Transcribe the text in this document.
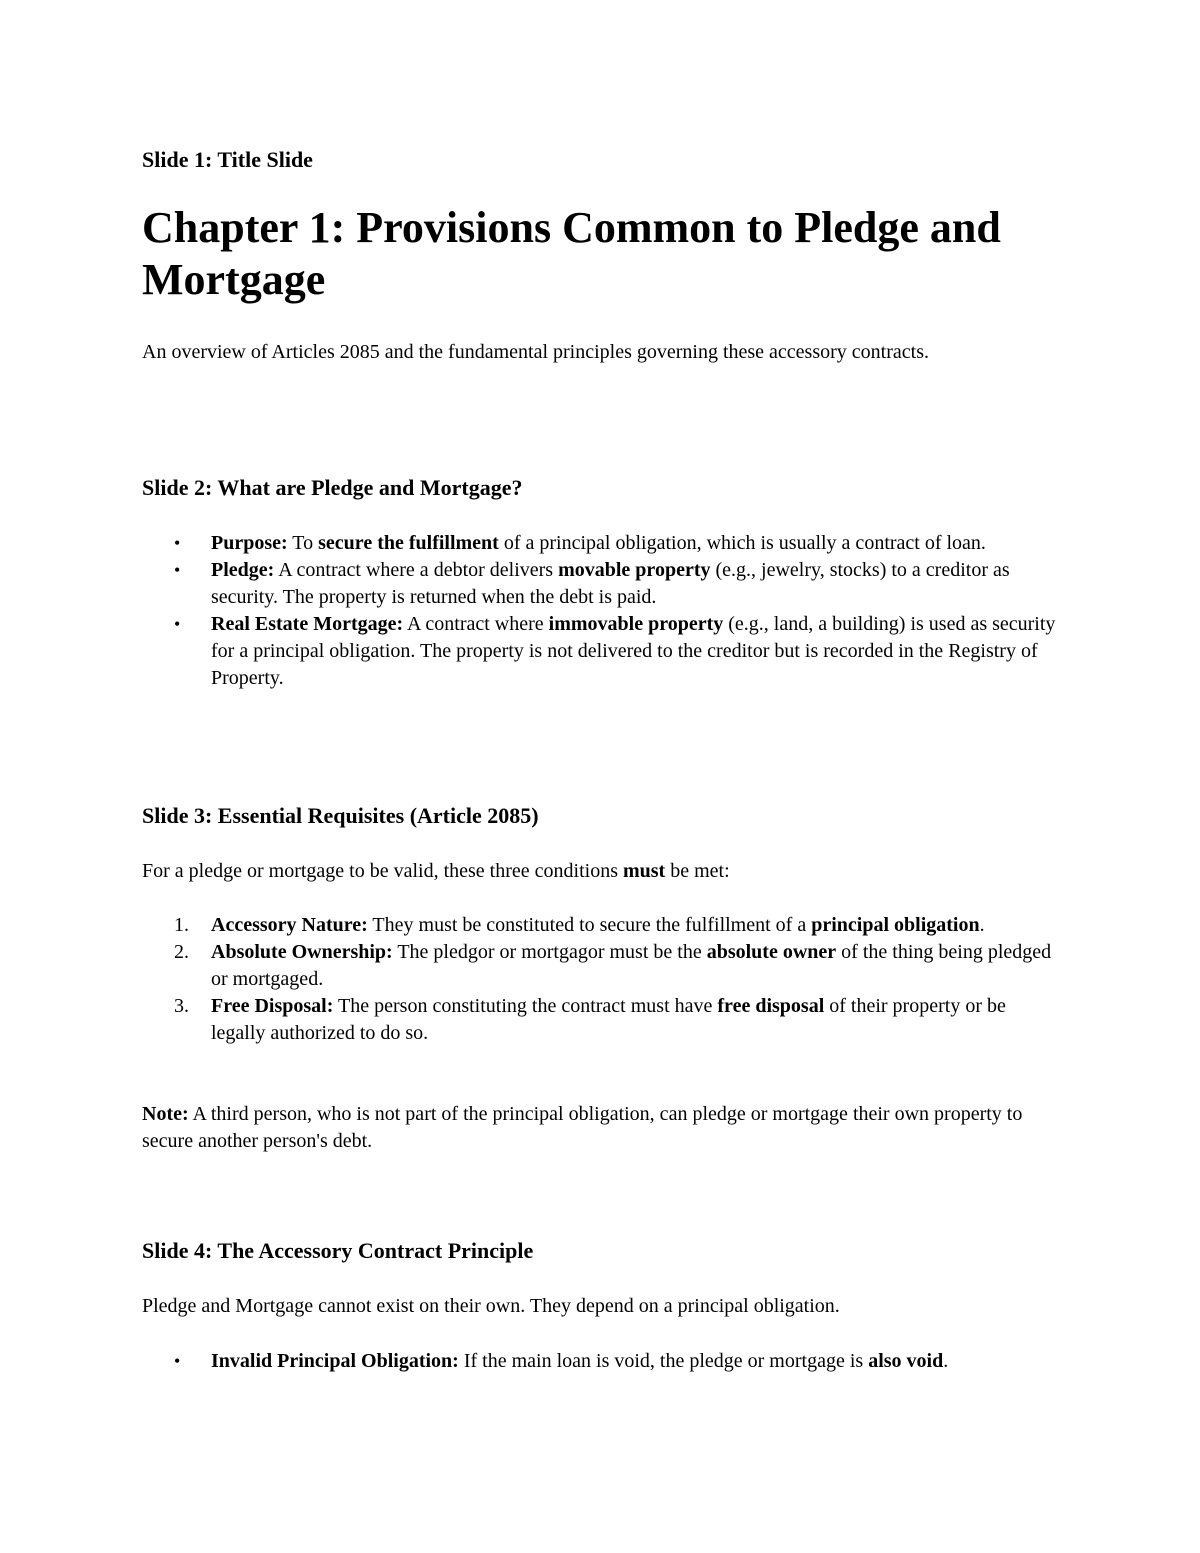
Slide 1: Title Slide
Chapter 1: Provisions Common to Pledge and Mortgage

An overview of Articles 2085 and the fundamental principles governing these accessory contracts.

Slide 2: What are Pledge and Mortgage?
•	Purpose: To secure the fulfillment of a principal obligation, which is usually a contract of loan.
•	Pledge: A contract where a debtor delivers movable property (e.g., jewelry, stocks) to a creditor as security. The property is returned when the debt is paid.
•	Real Estate Mortgage: A contract where immovable property (e.g., land, a building) is used as security for a principal obligation. The property is not delivered to the creditor but is recorded in the Registry of Property.
Slide 3: Essential Requisites (Article 2085)

For a pledge or mortgage to be valid, these three conditions must be met:

1.	Accessory Nature: They must be constituted to secure the fulfillment of a principal obligation.
2.	Absolute Ownership: The pledgor or mortgagor must be the absolute owner of the thing being pledged or mortgaged.
3.	Free Disposal: The person constituting the contract must have free disposal of their property or be legally authorized to do so.

Note: A third person, who is not part of the principal obligation, can pledge or mortgage their own property to secure another person's debt.

Slide 4: The Accessory Contract Principle

Pledge and Mortgage cannot exist on their own. They depend on a principal obligation.

•	Invalid Principal Obligation: If the main loan is void, the pledge or mortgage is also void.
